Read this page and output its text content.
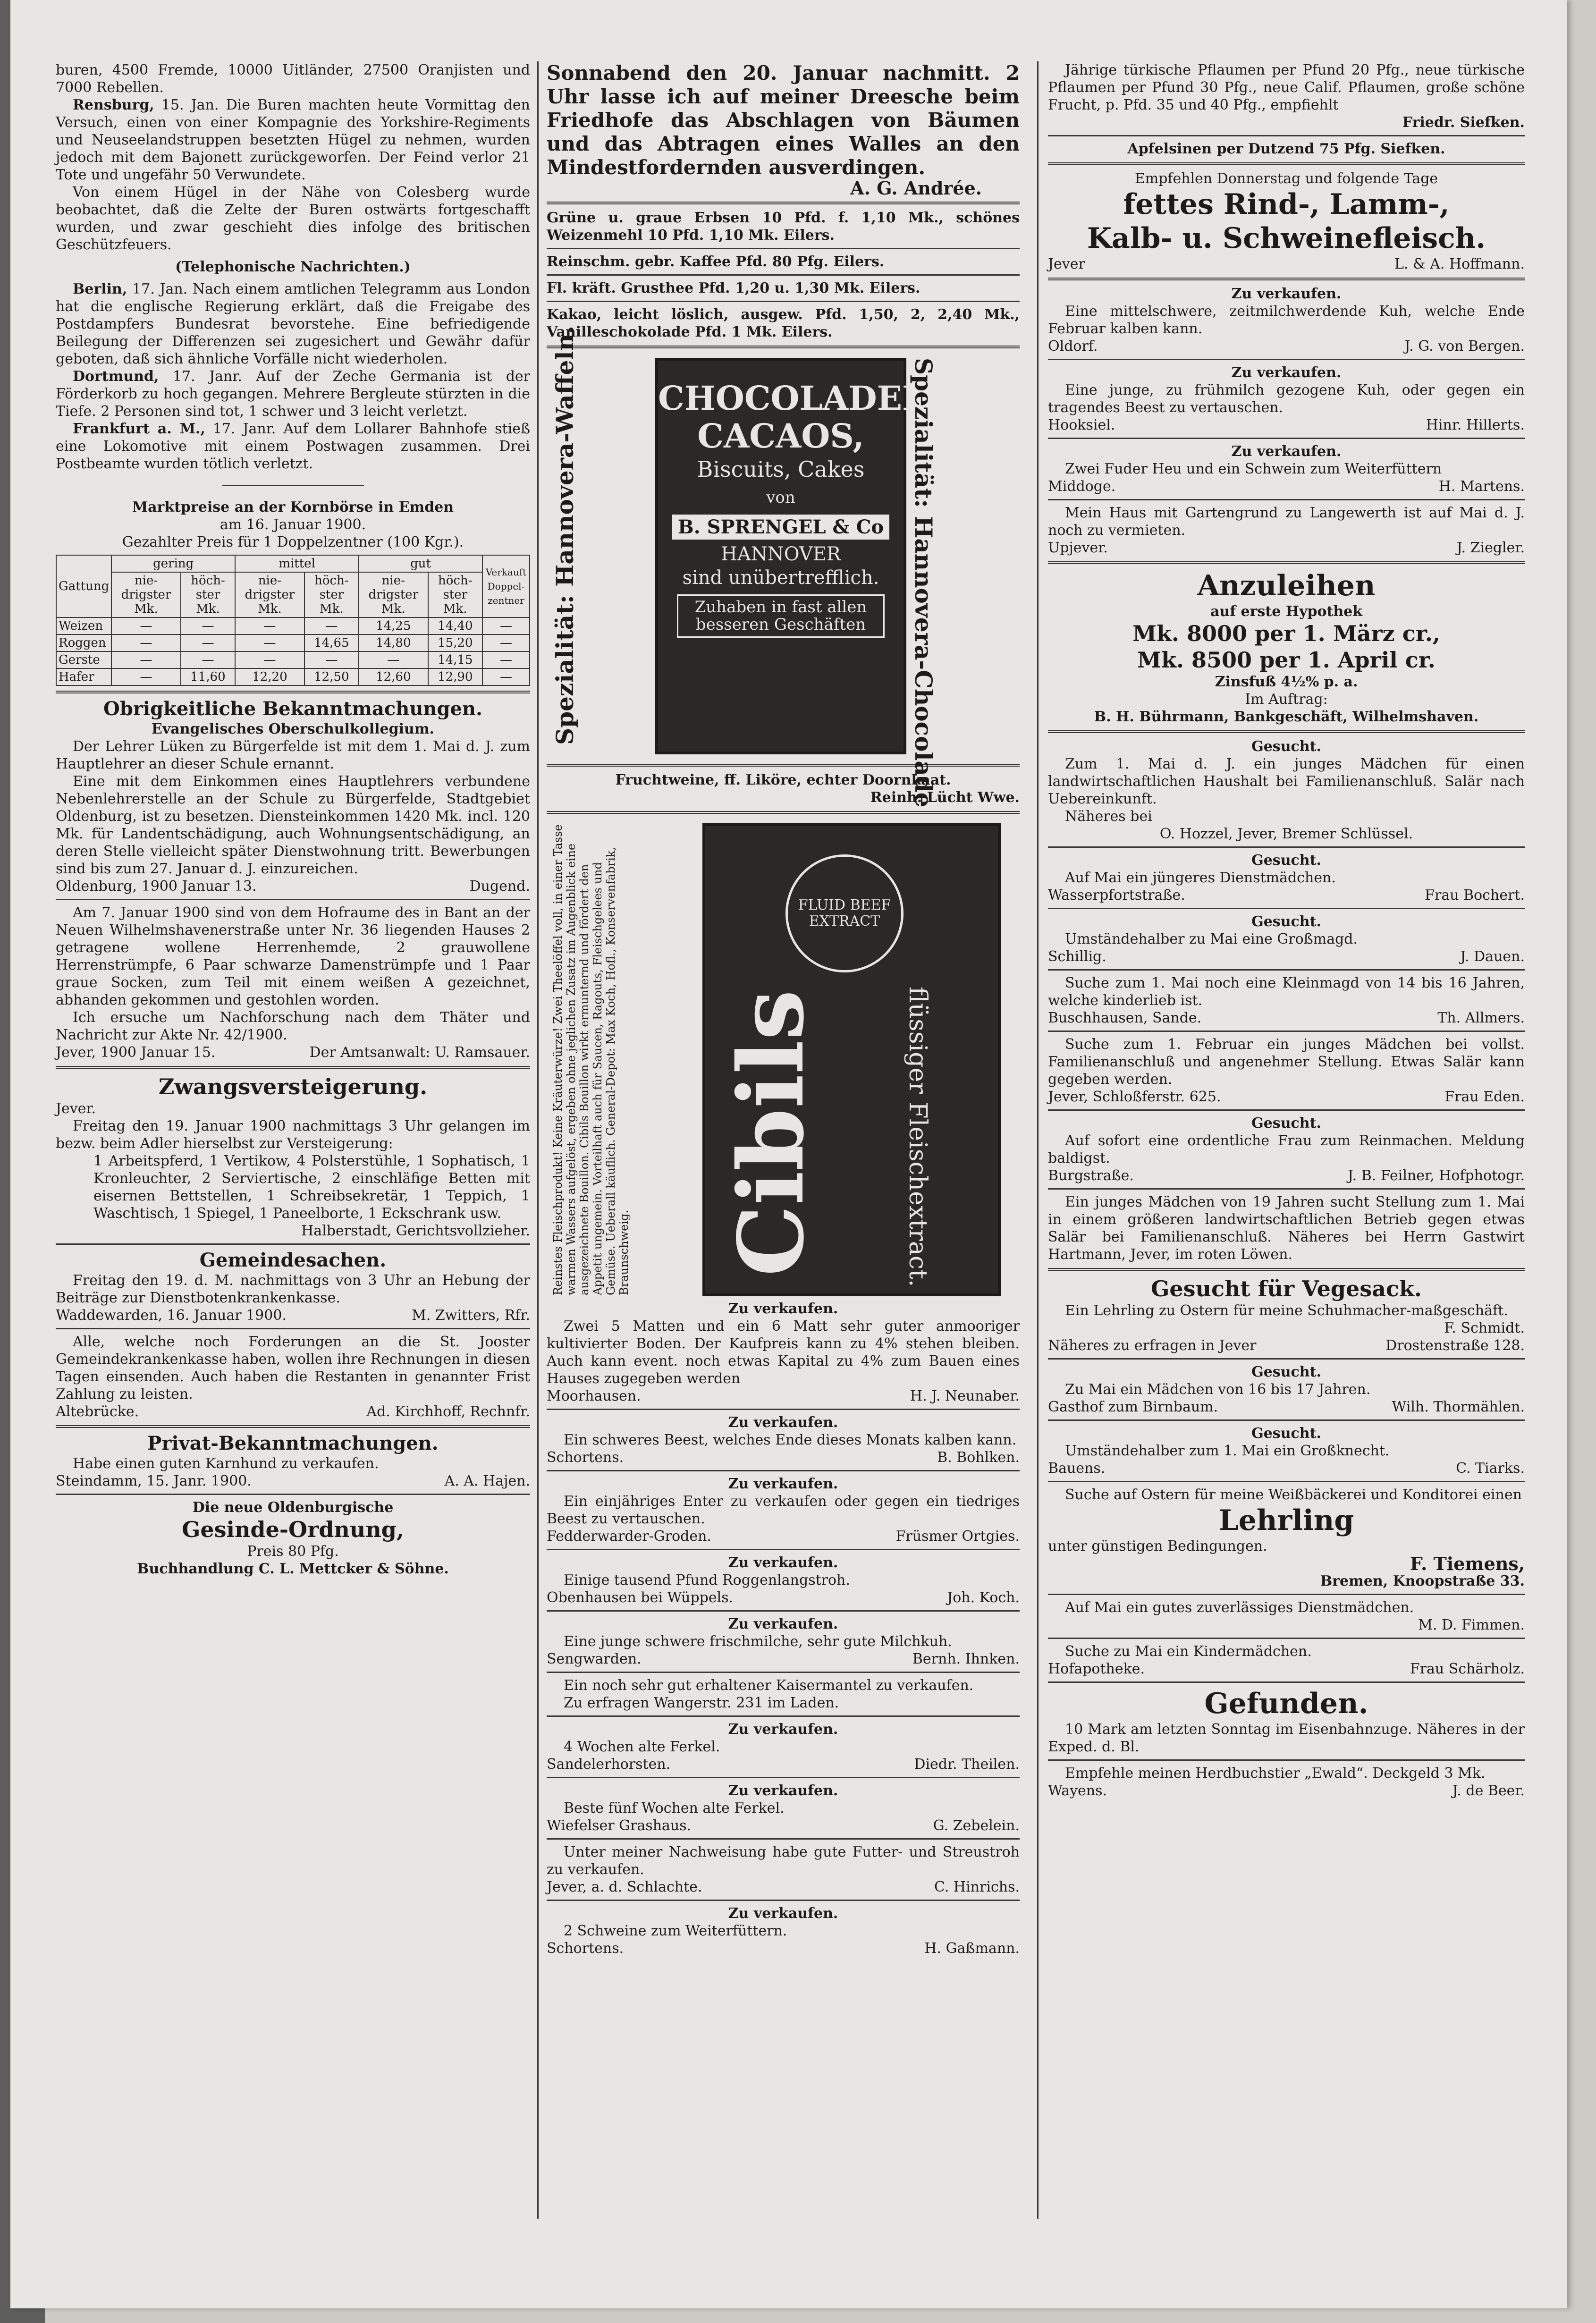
buren, 4500 Fremde, 10000 Uitländer, 27500 Oranjisten und 7000 Rebellen.

Rensburg, 15. Jan. Die Buren machten heute Vormittag den Versuch, einen von einer Kompagnie des Yorkshire-Regiments und Neuseelandstruppen besetzten Hügel zu nehmen, wurden jedoch mit dem Bajonett zurückgeworfen. Der Feind verlor 21 Tote und ungefähr 50 Verwundete.

Von einem Hügel in der Nähe von Colesberg wurde beobachtet, daß die Zelte der Buren ostwärts fortgeschafft wurden, und zwar geschieht dies infolge des britischen Geschützfeuers.

(Telephonische Nachrichten.)

Berlin, 17. Jan. Nach einem amtlichen Telegramm aus London hat die englische Regierung erklärt, daß die Freigabe des Postdampfers Bundesrat bevorstehe. Eine befriedigende Beilegung der Differenzen sei zugesichert und Gewähr dafür geboten, daß sich ähnliche Vorfälle nicht wiederholen.

Dortmund, 17. Janr. Auf der Zeche Germania ist der Förderkorb zu hoch gegangen. Mehrere Bergleute stürzten in die Tiefe. 2 Personen sind tot, 1 schwer und 3 leicht verletzt.

Frankfurt a. M., 17. Janr. Auf dem Lollarer Bahnhofe stieß eine Lokomotive mit einem Postwagen zusammen. Drei Postbeamte wurden tötlich verletzt.

Marktpreise an der Kornbörse in Emden

am 16. Januar 1900.

Gezahlter Preis für 1 Doppelzentner (100 Kgr.).

Gattung	gering		mittel		gut		Verkauft Doppel- zentner
	nie- drigster Mk.	höch- ster Mk.	nie- drigster Mk.	höch- ster Mk.	nie- drigster Mk.	höch- ster Mk.	
Weizen	—	—	—	—	14,25	14,40	—
Roggen	—	—	—	14,65	14,80	15,20	—
Gerste	—	—	—	—	—	14,15	—
Hafer	—	11,60	12,20	12,50	12,60	12,90	—

Obrigkeitliche Bekanntmachungen.

Evangelisches Oberschulkollegium.

Der Lehrer Lüken zu Bürgerfelde ist mit dem 1. Mai d. J. zum Hauptlehrer an dieser Schule ernannt.

Eine mit dem Einkommen eines Hauptlehrers verbundene Nebenlehrerstelle an der Schule zu Bürgerfelde, Stadtgebiet Oldenburg, ist zu besetzen. Diensteinkommen 1420 Mk. incl. 120 Mk. für Landentschädigung, auch Wohnungsentschädigung, an deren Stelle vielleicht später Dienstwohnung tritt. Bewerbungen sind bis zum 27. Januar d. J. einzureichen.

Oldenburg, 1900 Januar 13.	Dugend.

Am 7. Januar 1900 sind von dem Hofraume des in Bant an der Neuen Wilhelmshavenerstraße unter Nr. 36 liegenden Hauses 2 getragene wollene Herrenhemde, 2 grauwollene Herrenstrümpfe, 6 Paar schwarze Damenstrümpfe und 1 Paar graue Socken, zum Teil mit einem weißen A gezeichnet, abhanden gekommen und gestohlen worden.

Ich ersuche um Nachforschung nach dem Thäter und Nachricht zur Akte Nr. 42/1900.

Jever, 1900 Januar 15.	Der Amtsanwalt: U. Ramsauer.

Zwangsversteigerung.

Jever.

Freitag den 19. Januar 1900 nachmittags 3 Uhr gelangen im bezw. beim Adler hierselbst zur Versteigerung:

1 Arbeitspferd, 1 Vertikow, 4 Polsterstühle, 1 Sophatisch, 1 Kronleuchter, 2 Serviertische, 2 einschläfige Betten mit eisernen Bettstellen, 1 Schreibsekretär, 1 Teppich, 1 Waschtisch, 1 Spiegel, 1 Paneelborte, 1 Eckschrank usw.

Halberstadt, Gerichtsvollzieher.

Gemeindesachen.

Freitag den 19. d. M. nachmittags von 3 Uhr an Hebung der Beiträge zur Dienstbotenkrankenkasse.

Waddewarden, 16. Januar 1900.	M. Zwitters, Rfr.

Alle, welche noch Forderungen an die St. Jooster Gemeindekrankenkasse haben, wollen ihre Rechnungen in diesen Tagen einsenden. Auch haben die Restanten in genannter Frist Zahlung zu leisten.

Altebrücke.	Ad. Kirchhoff, Rechnfr.

Privat-Bekanntmachungen.

Habe einen guten Karnhund zu verkaufen.

Steindamm, 15. Janr. 1900.	A. A. Hajen.

Die neue Oldenburgische

Gesinde-Ordnung,

Preis 80 Pfg.

Buchhandlung C. L. Mettcker & Söhne.

Sonnabend den 20. Januar nachmitt. 2 Uhr lasse ich auf meiner Dreesche beim Friedhofe das Abschlagen von Bäumen und das Abtragen eines Walles an den Mindestfordernden ausverdingen.

A. G. Andrée.

Grüne u. graue Erbsen 10 Pfd. f. 1,10 Mk., schönes Weizenmehl 10 Pfd. 1,10 Mk. Eilers.

Reinschm. gebr. Kaffee Pfd. 80 Pfg. Eilers.

Fl. kräft. Grusthee Pfd. 1,20 u. 1,30 Mk. Eilers.

Kakao, leicht löslich, ausgew. Pfd. 1,50, 2, 2,40 Mk., Vanilleschokolade Pfd. 1 Mk. Eilers.

Spezialität: Hannovera-Waffeln. CHOCOLADEN, CACAOS,
Biscuits, Cakes
von
B. SPRENGEL & Co
HANNOVER
sind unübertrefflich.
Zuhaben in fast allen besseren Geschäften	Spezialität: Hannovera-Chocolade

Fruchtweine, ff. Liköre, echter Doornkaat.

Reinh. Lücht Wwe.

Reinstes Fleischprodukt! Keine Kräuterwürze! Zwei Theelöffel voll, in einer Tasse warmen Wassers aufgelöst, ergeben ohne jeglichen Zusatz im Augenblick eine ausgezeichnete Bouillon. Cibils Bouillon wirkt ermunternd und fördert den Appetit ungemein. Vorteilhaft auch für Saucen, Ragouts, Fleischgelees und Gemüse. Ueberall käuflich. General-Depot: Max Koch, Hofl., Konservenfabrik, Braunschweig.
FLUID BEEF EXTRACT
Cibils	flüssiger Fleischextract.

Zu verkaufen.

Zwei 5 Matten und ein 6 Matt sehr guter anmooriger kultivierter Boden. Der Kaufpreis kann zu 4% stehen bleiben. Auch kann event. noch etwas Kapital zu 4% zum Bauen eines Hauses zugegeben werden

Moorhausen.	H. J. Neunaber.

Zu verkaufen.

Ein schweres Beest, welches Ende dieses Monats kalben kann.

Schortens.	B. Bohlken.

Zu verkaufen.

Ein einjähriges Enter zu verkaufen oder gegen ein tiedriges Beest zu vertauschen.

Fedderwarder-Groden.	Früsmer Ortgies.

Zu verkaufen.

Einige tausend Pfund Roggenlangstroh.

Obenhausen bei Wüppels.	Joh. Koch.

Zu verkaufen.

Eine junge schwere frischmilche, sehr gute Milchkuh.

Sengwarden.	Bernh. Ihnken.

Ein noch sehr gut erhaltener Kaisermantel zu verkaufen.

Zu erfragen Wangerstr. 231 im Laden.

Zu verkaufen.

4 Wochen alte Ferkel.

Sandelerhorsten.	Diedr. Theilen.

Zu verkaufen.

Beste fünf Wochen alte Ferkel.

Wiefelser Grashaus.	G. Zebelein.

Unter meiner Nachweisung habe gute Futter- und Streustroh zu verkaufen.

Jever, a. d. Schlachte.	C. Hinrichs.

Zu verkaufen.

2 Schweine zum Weiterfüttern.

Schortens.	H. Gaßmann.

Jährige türkische Pflaumen per Pfund 20 Pfg., neue türkische Pflaumen per Pfund 30 Pfg., neue Calif. Pflaumen, große schöne Frucht, p. Pfd. 35 und 40 Pfg., empfiehlt

Friedr. Siefken.

Apfelsinen per Dutzend 75 Pfg. Siefken.

Empfehlen Donnerstag und folgende Tage

fettes Rind-, Lamm-,

Kalb- u. Schweinefleisch.

Jever	L. & A. Hoffmann.

Zu verkaufen.

Eine mittelschwere, zeitmilchwerdende Kuh, welche Ende Februar kalben kann.

Oldorf.	J. G. von Bergen.

Zu verkaufen.

Eine junge, zu frühmilch gezogene Kuh, oder gegen ein tragendes Beest zu vertauschen.

Hooksiel.	Hinr. Hillerts.

Zu verkaufen.

Zwei Fuder Heu und ein Schwein zum Weiterfüttern

Middoge.	H. Martens.

Mein Haus mit Gartengrund zu Langewerth ist auf Mai d. J. noch zu vermieten.

Upjever.	J. Ziegler.

Anzuleihen

auf erste Hypothek

Mk. 8000 per 1. März cr.,

Mk. 8500 per 1. April cr.

Zinsfuß 4½% p. a.

Im Auftrag:

B. H. Bührmann, Bankgeschäft, Wilhelmshaven.

Gesucht.

Zum 1. Mai d. J. ein junges Mädchen für einen landwirtschaftlichen Haushalt bei Familienanschluß. Salär nach Uebereinkunft.

Näheres bei

O. Hozzel, Jever, Bremer Schlüssel.

Gesucht.

Auf Mai ein jüngeres Dienstmädchen.

Wasserpfortstraße.	Frau Bochert.

Gesucht.

Umständehalber zu Mai eine Großmagd.

Schillig.	J. Dauen.

Suche zum 1. Mai noch eine Kleinmagd von 14 bis 16 Jahren, welche kinderlieb ist.

Buschhausen, Sande.	Th. Allmers.

Suche zum 1. Februar ein junges Mädchen bei vollst. Familienanschluß und angenehmer Stellung. Etwas Salär kann gegeben werden.

Jever, Schloßferstr. 625.	Frau Eden.

Gesucht.

Auf sofort eine ordentliche Frau zum Reinmachen. Meldung baldigst.

Burgstraße.	J. B. Feilner, Hofphotogr.

Ein junges Mädchen von 19 Jahren sucht Stellung zum 1. Mai in einem größeren landwirtschaftlichen Betrieb gegen etwas Salär bei Familienanschluß. Näheres bei Herrn Gastwirt Hartmann, Jever, im roten Löwen.

Gesucht für Vegesack.

Ein Lehrling zu Ostern für meine Schuhmacher-maßgeschäft.

F. Schmidt.

Näheres zu erfragen in Jever	Drostenstraße 128.

Gesucht.

Zu Mai ein Mädchen von 16 bis 17 Jahren.

Gasthof zum Birnbaum.	Wilh. Thormählen.

Gesucht.

Umständehalber zum 1. Mai ein Großknecht.

Bauens.	C. Tiarks.

Suche auf Ostern für meine Weißbäckerei und Konditorei einen

Lehrling

unter günstigen Bedingungen.

F. Tiemens,

Bremen, Knoopstraße 33.

Auf Mai ein gutes zuverlässiges Dienstmädchen.

M. D. Fimmen.

Suche zu Mai ein Kindermädchen.

Hofapotheke.	Frau Schärholz.

Gefunden.

10 Mark am letzten Sonntag im Eisenbahnzuge. Näheres in der Exped. d. Bl.

Empfehle meinen Herdbuchstier „Ewald“. Deckgeld 3 Mk.

Wayens.	J. de Beer.
